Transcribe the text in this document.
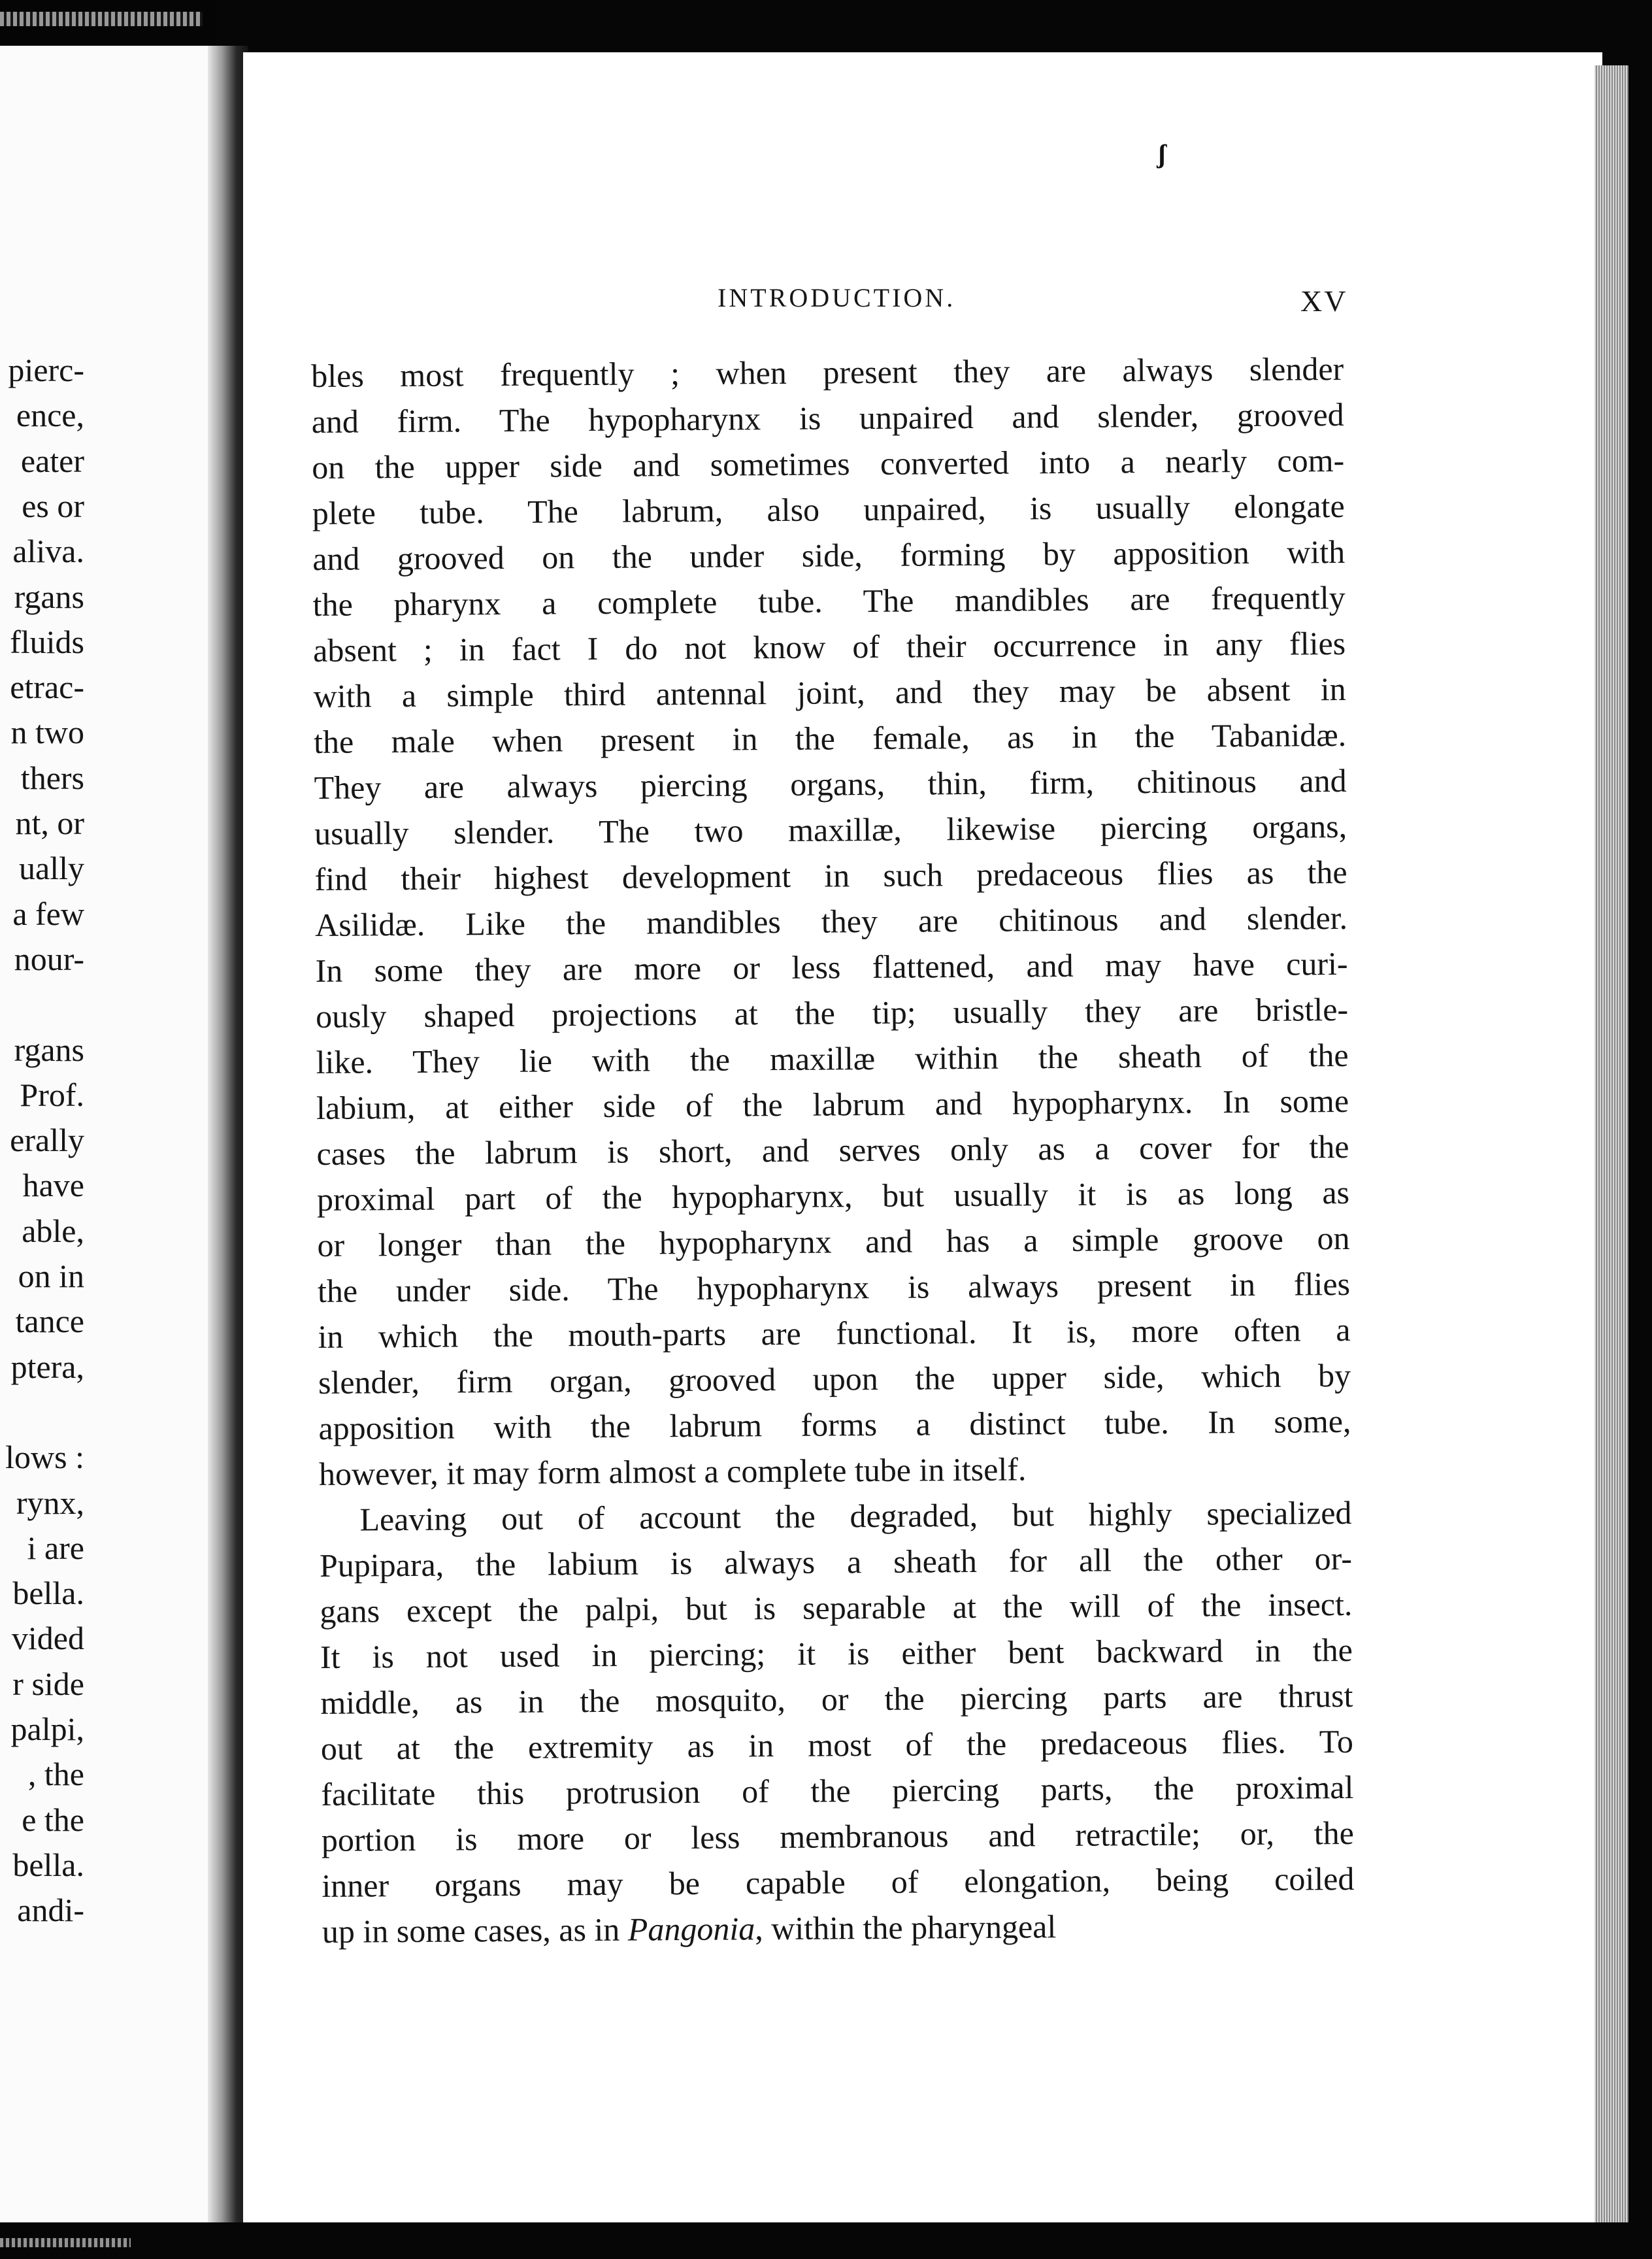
ʃ
pierc-
ence,
eater
es or
aliva.
rgans
fluids
etrac-
n two
thers
nt, or
ually
a few
nour-
rgans
Prof.
erally
have
able,
on in
tance
ptera,
lows :
rynx,
i are
bella.
vided
r side
palpi,
, the
e the
bella.
andi-
INTRODUCTION.	XV
bles most frequently ; when present they are always slender
and firm. The hypopharynx is unpaired and slender, grooved
on the upper side and sometimes converted into a nearly com-
plete tube. The labrum, also unpaired, is usually elongate
and grooved on the under side, forming by apposition with
the pharynx a complete tube. The mandibles are frequently
absent ; in fact I do not know of their occurrence in any flies
with a simple third antennal joint, and they may be absent in
the male when present in the female, as in the Tabanidæ.
They are always piercing organs, thin, firm, chitinous and
usually slender. The two maxillæ, likewise piercing organs,
find their highest development in such predaceous flies as the
Asilidæ. Like the mandibles they are chitinous and slender.
In some they are more or less flattened, and may have curi-
ously shaped projections at the tip; usually they are bristle-
like. They lie with the maxillæ within the sheath of the
labium, at either side of the labrum and hypopharynx. In some
cases the labrum is short, and serves only as a cover for the
proximal part of the hypopharynx, but usually it is as long as
or longer than the hypopharynx and has a simple groove on
the under side. The hypopharynx is always present in flies
in which the mouth-parts are functional. It is, more often a
slender, firm organ, grooved upon the upper side, which by
apposition with the labrum forms a distinct tube. In some,
however, it may form almost a complete tube in itself.
Leaving out of account the degraded, but highly specialized
Pupipara, the labium is always a sheath for all the other or-
gans except the palpi, but is separable at the will of the insect.
It is not used in piercing; it is either bent backward in the
middle, as in the mosquito, or the piercing parts are thrust
out at the extremity as in most of the predaceous flies. To
facilitate this protrusion of the piercing parts, the proximal
portion is more or less membranous and retractile; or, the
inner organs may be capable of elongation, being coiled
up in some cases, as in Pangonia, within the pharyngeal
